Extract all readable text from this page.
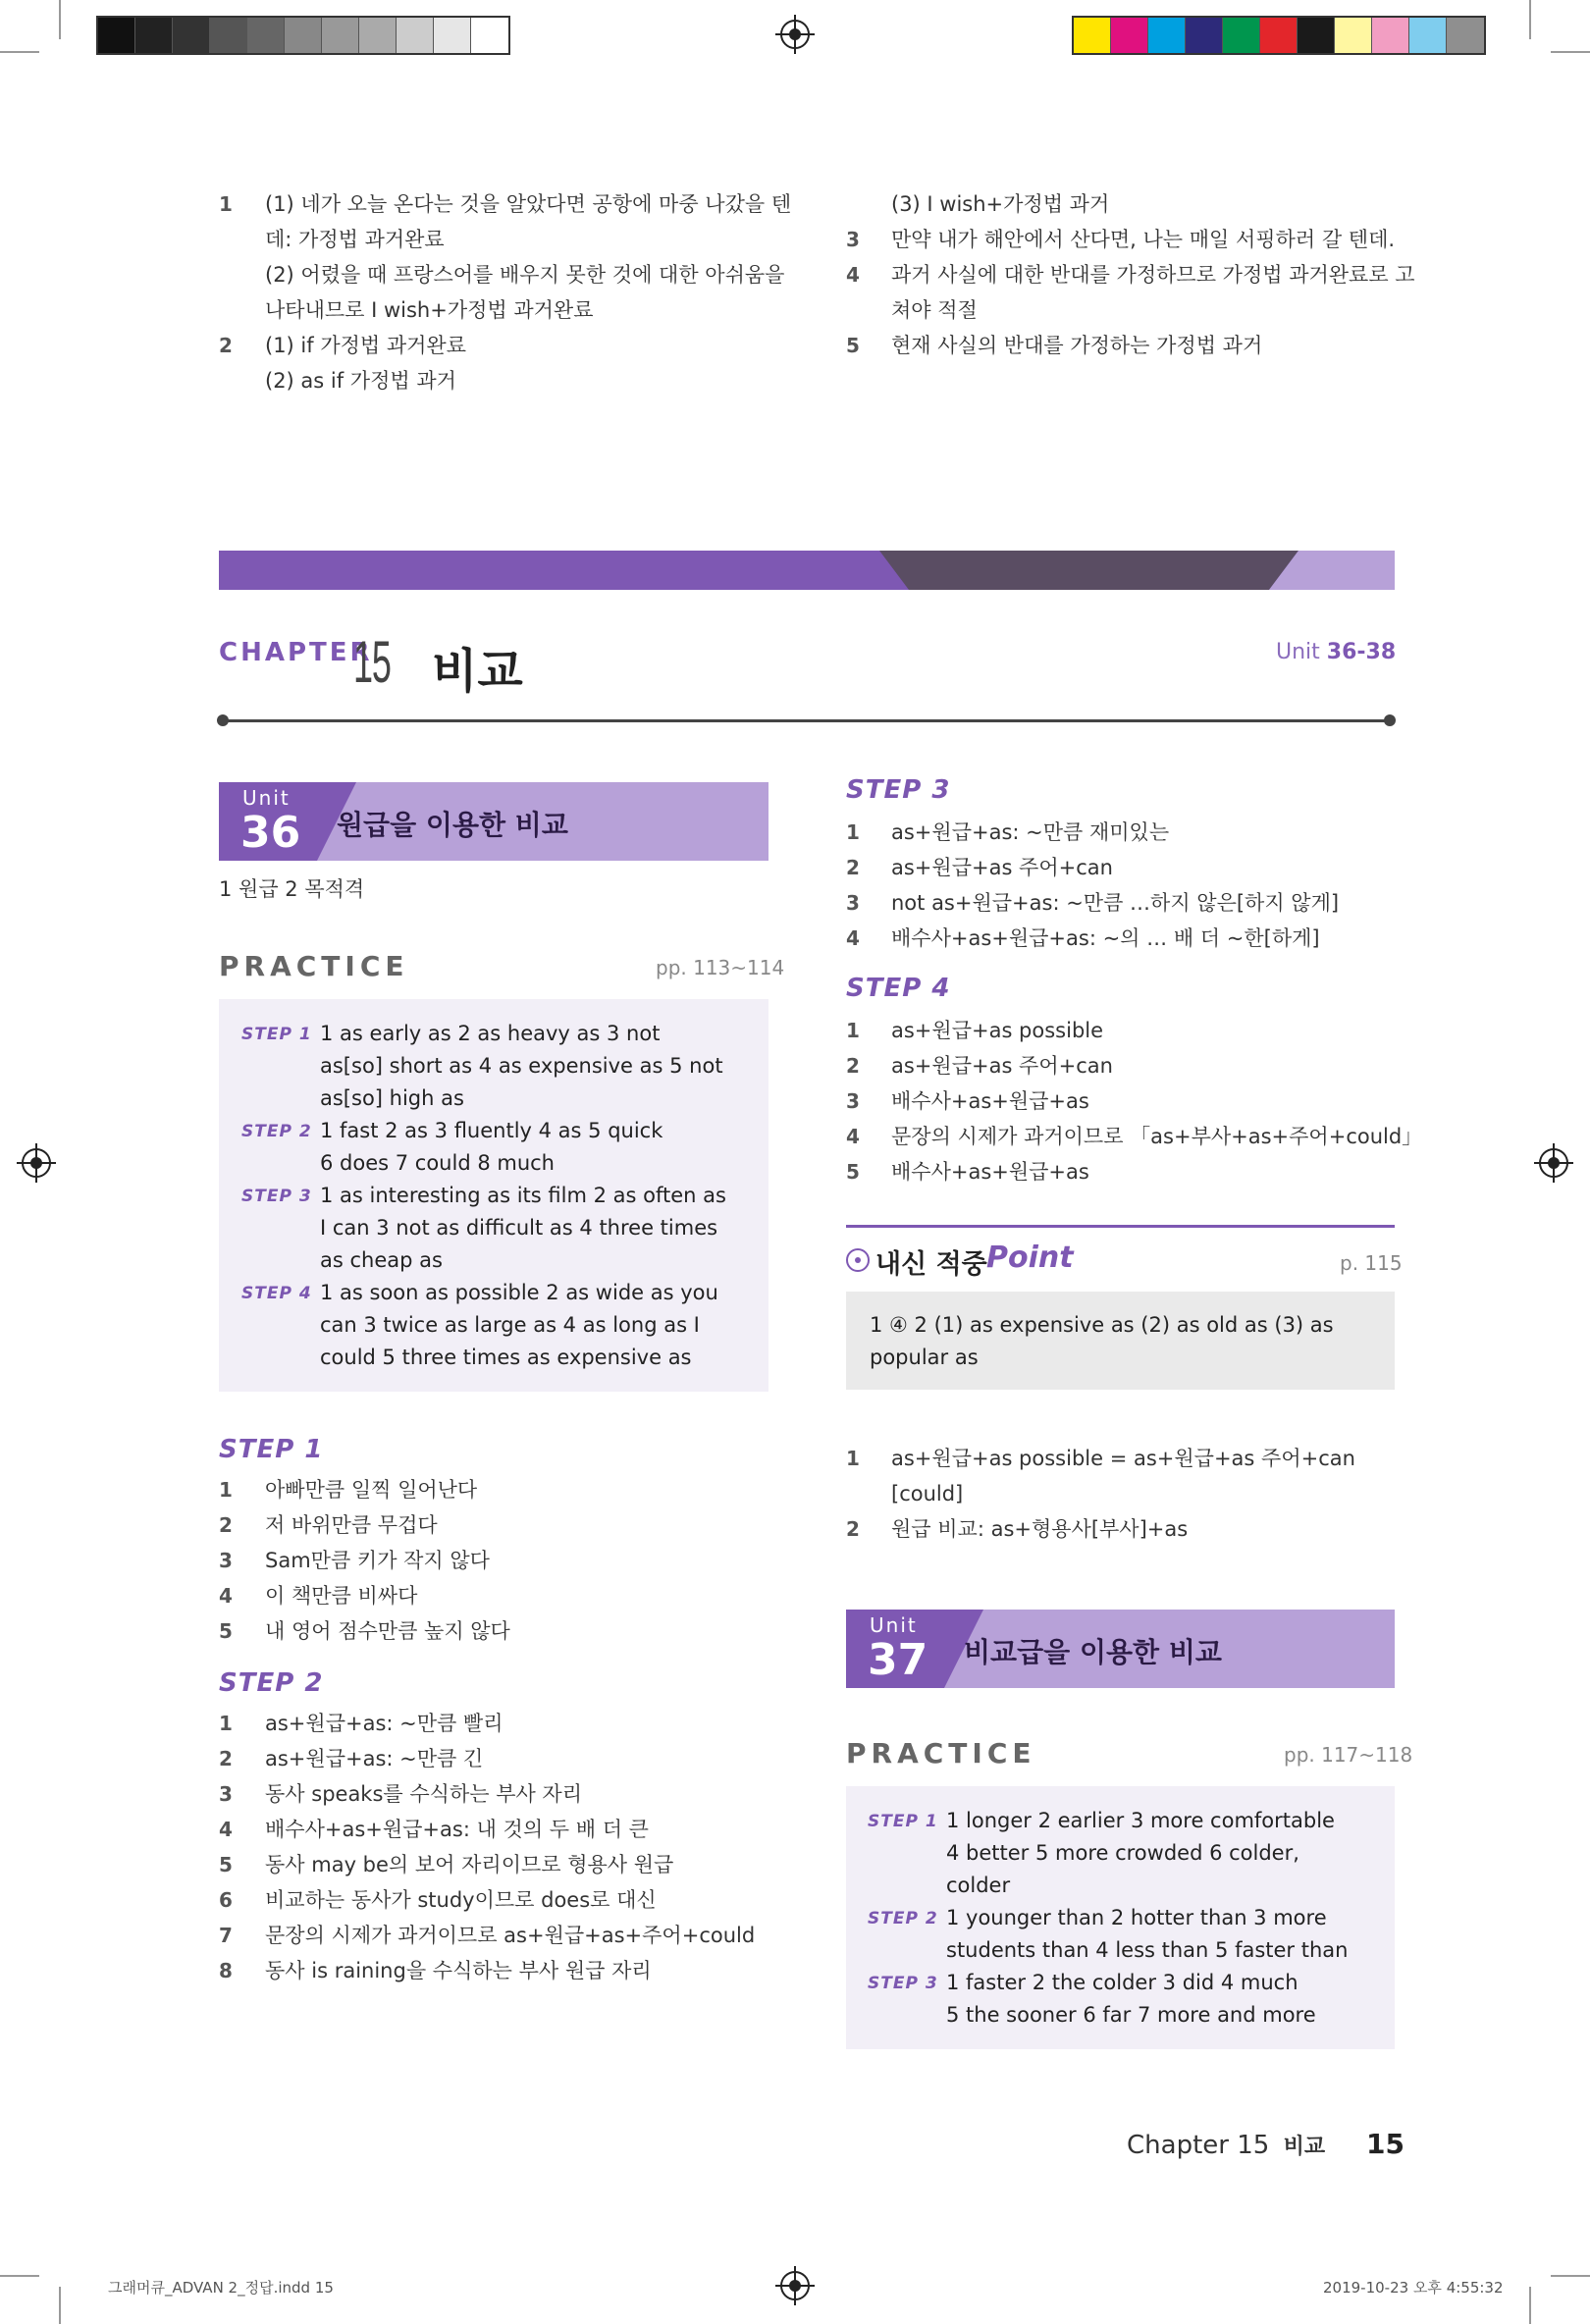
1 (1) 네가 오늘 온다는 것을 알았다면 공항에 마중 나갔을 텐
데: 가정법 과거완료
(2) 어렸을 때 프랑스어를 배우지 못한 것에 대한 아쉬움을
나타내므로 I wish+가정법 과거완료
2 (1) if 가정법 과거완료
(2) as if 가정법 과거
(3) I wish+가정법 과거
3 만약 내가 해안에서 산다면, 나는 매일 서핑하러 갈 텐데.
4 과거 사실에 대한 반대를 가정하므로 가정법 과거완료로 고
쳐야 적절
5 현재 사실의 반대를 가정하는 가정법 과거
CHAPTER
15 비교	Unit 36-38
Unit
36 원급을 이용한 비교
1 원급 2 목적격
PRACTICE	pp. 113~114
STEP 1 1 as early as 2 as heavy as 3 not
as[so] short as 4 as expensive as 5 not
as[so] high as
STEP 2 1 fast 2 as 3 fluently 4 as 5 quick
6 does 7 could 8 much
STEP 3 1 as interesting as its film 2 as often as
I can 3 not as difficult as 4 three times
as cheap as
STEP 4 1 as soon as possible 2 as wide as you
can 3 twice as large as 4 as long as I
could 5 three times as expensive as
STEP 1
1 아빠만큼 일찍 일어난다
2 저 바위만큼 무겁다
3 Sam만큼 키가 작지 않다
4 이 책만큼 비싸다
5 내 영어 점수만큼 높지 않다
STEP 2
1 as+원급+as: ~만큼 빨리
2 as+원급+as: ~만큼 긴
3 동사 speaks를 수식하는 부사 자리
4 배수사+as+원급+as: 내 것의 두 배 더 큰
5 동사 may be의 보어 자리이므로 형용사 원급
6 비교하는 동사가 study이므로 does로 대신
7 문장의 시제가 과거이므로 as+원급+as+주어+could
8 동사 is raining을 수식하는 부사 원급 자리
STEP 3
1 as+원급+as: ~만큼 재미있는
2 as+원급+as 주어+can
3 not as+원급+as: ~만큼 …하지 않은[하지 않게]
4 배수사+as+원급+as: ~의 … 배 더 ~한[하게]
STEP 4
1 as+원급+as possible
2 as+원급+as 주어+can
3 배수사+as+원급+as
4 문장의 시제가 과거이므로 「as+부사+as+주어+could」
5 배수사+as+원급+as
내신 적중 Point	p. 115
1 ④ 2 (1) as expensive as (2) as old as (3) as
popular as
1 as+원급+as possible = as+원급+as 주어+can
[could]
2 원급 비교: as+형용사[부사]+as
Unit
37 비교급을 이용한 비교
PRACTICE	pp. 117~118
STEP 1 1 longer 2 earlier 3 more comfortable
4 better 5 more crowded 6 colder,
colder
STEP 2 1 younger than 2 hotter than 3 more
students than 4 less than 5 faster than
STEP 3 1 faster 2 the colder 3 did 4 much
5 the sooner 6 far 7 more and more
Chapter 15 비교 15
그래머큐_ADVAN 2_정답.indd 15	2019-10-23 오후 4:55:32
